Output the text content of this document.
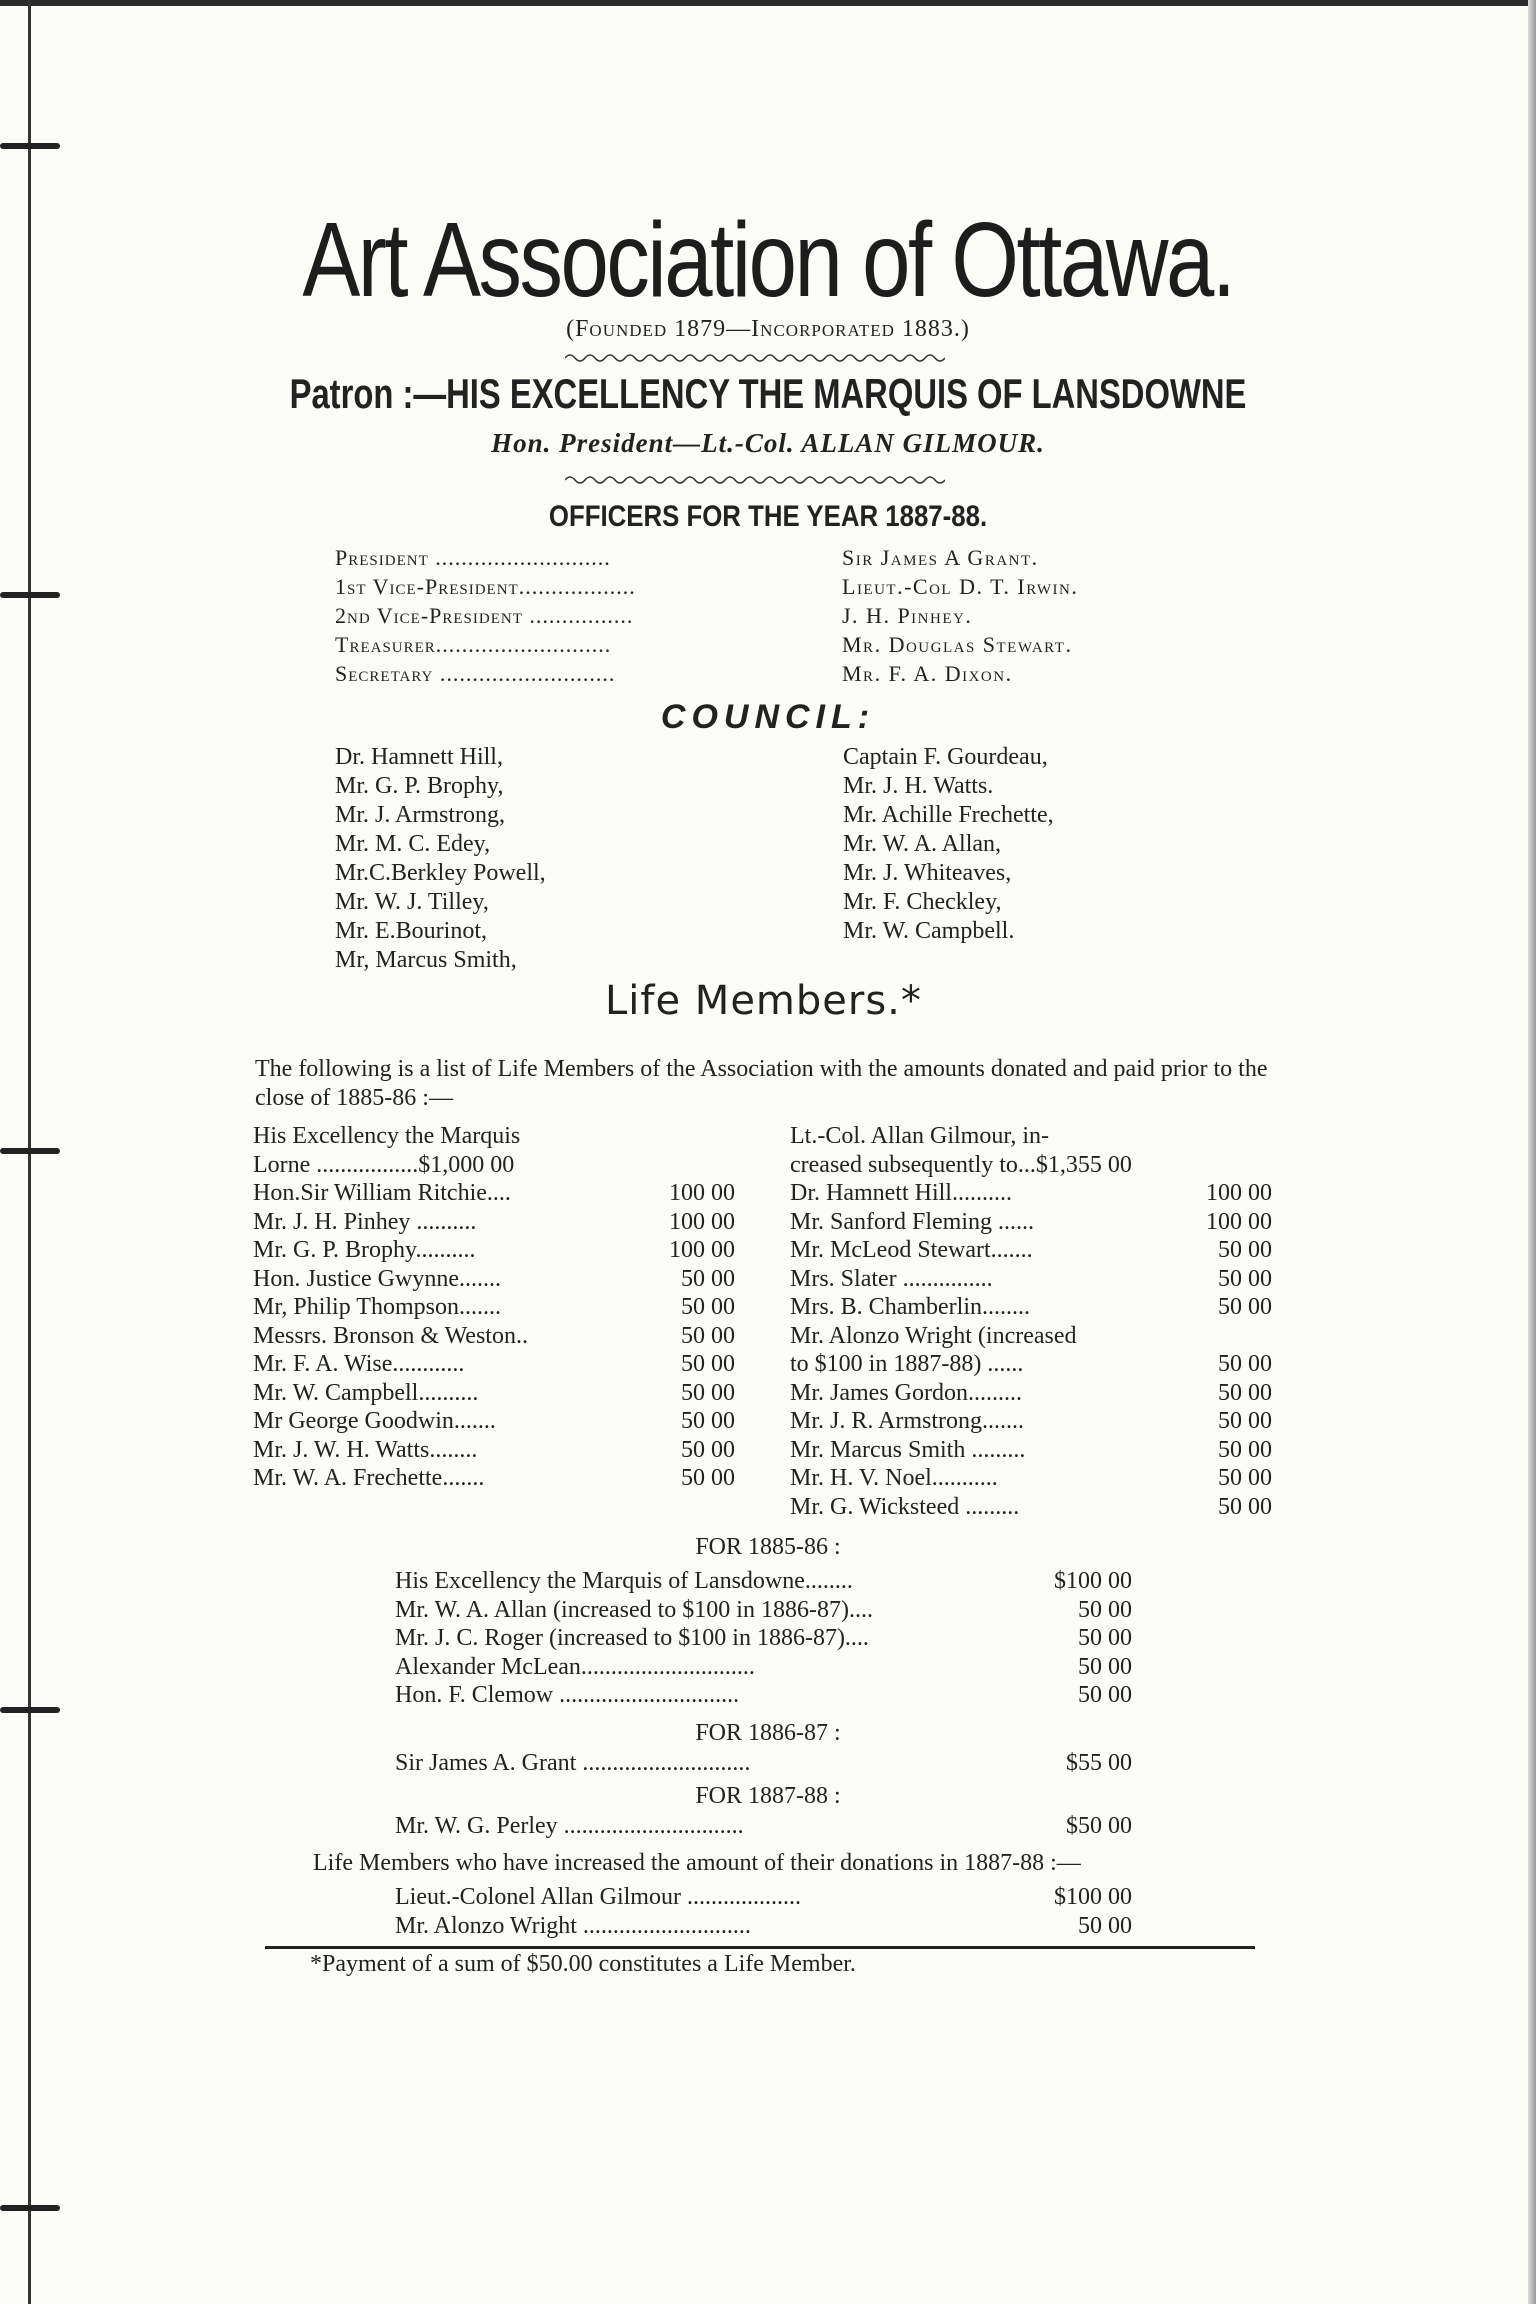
Art Association of Ottawa.
(Founded 1879—Incorporated 1883.)
Patron :—HIS EXCELLENCY THE MARQUIS OF LANSDOWNE
Hon. President—Lt.-Col. ALLAN GILMOUR.
OFFICERS FOR THE YEAR 1887-88.
President ...........................	Sir James A Grant.
1st Vice-President..................	Lieut.-Col D. T. Irwin.
2nd Vice-President ................	J. H. Pinhey.
Treasurer...........................	Mr. Douglas Stewart.
Secretary ...........................	Mr. F. A. Dixon.
COUNCIL:
Dr. Hamnett Hill,
Mr. G. P. Brophy,
Mr. J. Armstrong,
Mr. M. C. Edey,
Mr.C.Berkley Powell,
Mr. W. J. Tilley,
Mr. E.Bourinot,
Mr, Marcus Smith,
Captain F. Gourdeau,
Mr. J. H. Watts.
Mr. Achille Frechette,
Mr. W. A. Allan,
Mr. J. Whiteaves,
Mr. F. Checkley,
Mr. W. Campbell.
Life Members.*
The following is a list of Life Members of the Association with the amounts donated and paid prior to the close of 1885-86 :—
His Excellency the Marquis
Lorne .................$1,000 00
Hon.Sir William Ritchie....	100 00
Mr. J. H. Pinhey ..........	100 00
Mr. G. P. Brophy..........	100 00
Hon. Justice Gwynne.......	50 00
Mr, Philip Thompson.......	50 00
Messrs. Bronson & Weston..	50 00
Mr. F. A. Wise............	50 00
Mr. W. Campbell..........	50 00
Mr George Goodwin.......	50 00
Mr. J. W. H. Watts........	50 00
Mr. W. A. Frechette.......	50 00
Lt.-Col. Allan Gilmour, in-
creased subsequently to...$1,355 00
Dr. Hamnett Hill..........	100 00
Mr. Sanford Fleming ......	100 00
Mr. McLeod Stewart.......	50 00
Mrs. Slater ...............	50 00
Mrs. B. Chamberlin........	50 00
Mr. Alonzo Wright (increased
to $100 in 1887-88) ......	50 00
Mr. James Gordon.........	50 00
Mr. J. R. Armstrong.......	50 00
Mr. Marcus Smith .........	50 00
Mr. H. V. Noel...........	50 00
Mr. G. Wicksteed .........	50 00
FOR 1885-86 :
His Excellency the Marquis of Lansdowne........	$100 00
Mr. W. A. Allan (increased to $100 in 1886-87)....	50 00
Mr. J. C. Roger (increased to $100 in 1886-87)....	50 00
Alexander McLean.............................	50 00
Hon. F. Clemow ..............................	50 00
FOR 1886-87 :
Sir James A. Grant ............................	$55 00
FOR 1887-88 :
Mr. W. G. Perley ..............................	$50 00
Life Members who have increased the amount of their donations in 1887-88 :—
Lieut.-Colonel Allan Gilmour ...................	$100 00
Mr. Alonzo Wright ............................	50 00
*Payment of a sum of $50.00 constitutes a Life Member.
